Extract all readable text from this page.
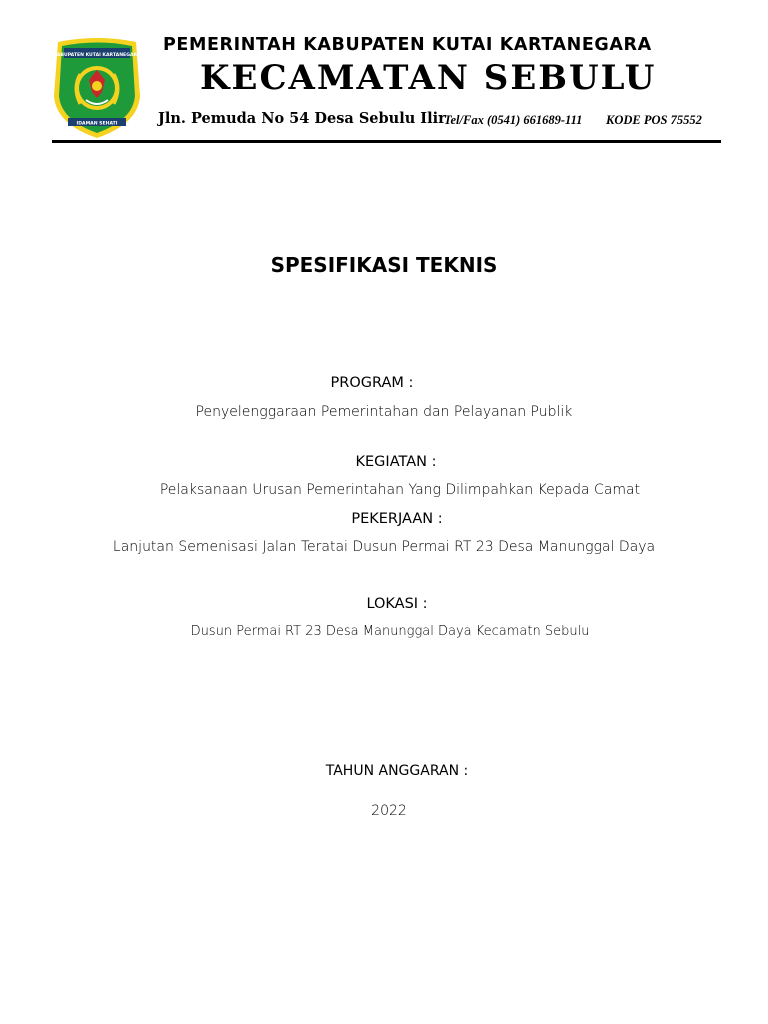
KABUPATEN KUTAI KARTANEGARA
IDAMAN SEHATI
PEMERINTAH KABUPATEN KUTAI KARTANEGARA
KECAMATAN SEBULU
Jln. Pemuda No 54 Desa Sebulu Ilir
Tel/Fax (0541) 661689-111 KODE POS 75552
SPESIFIKASI TEKNIS
PROGRAM :
Penyelenggaraan Pemerintahan dan Pelayanan Publik
KEGIATAN :
Pelaksanaan Urusan Pemerintahan Yang Dilimpahkan Kepada Camat
PEKERJAAN :
Lanjutan Semenisasi Jalan Teratai Dusun Permai RT 23 Desa Manunggal Daya
LOKASI :
Dusun Permai RT 23 Desa Manunggal Daya Kecamatn Sebulu
TAHUN ANGGARAN :
2022
